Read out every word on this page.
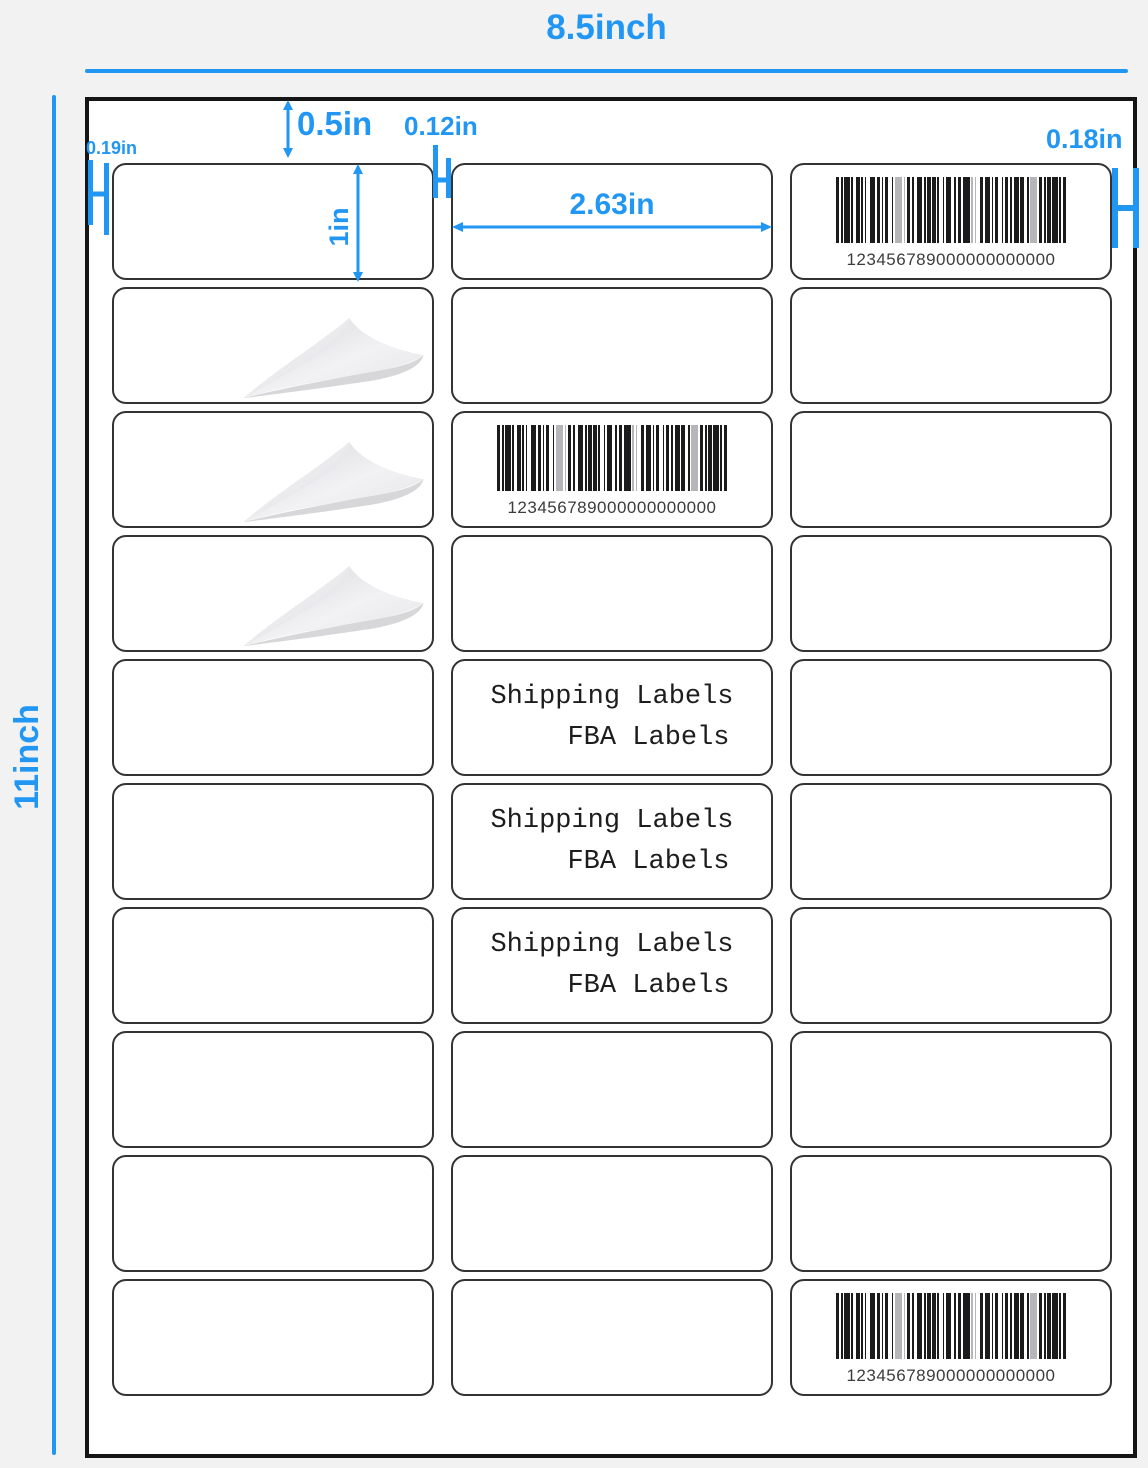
8.5inch
11inch
123456789000000000000
123456789000000000000
Shipping Labels
FBA Labels
Shipping Labels
FBA Labels
Shipping Labels
FBA Labels
123456789000000000000
0.5in 0.12in
0.19in	0.18in
1in
2.63in
